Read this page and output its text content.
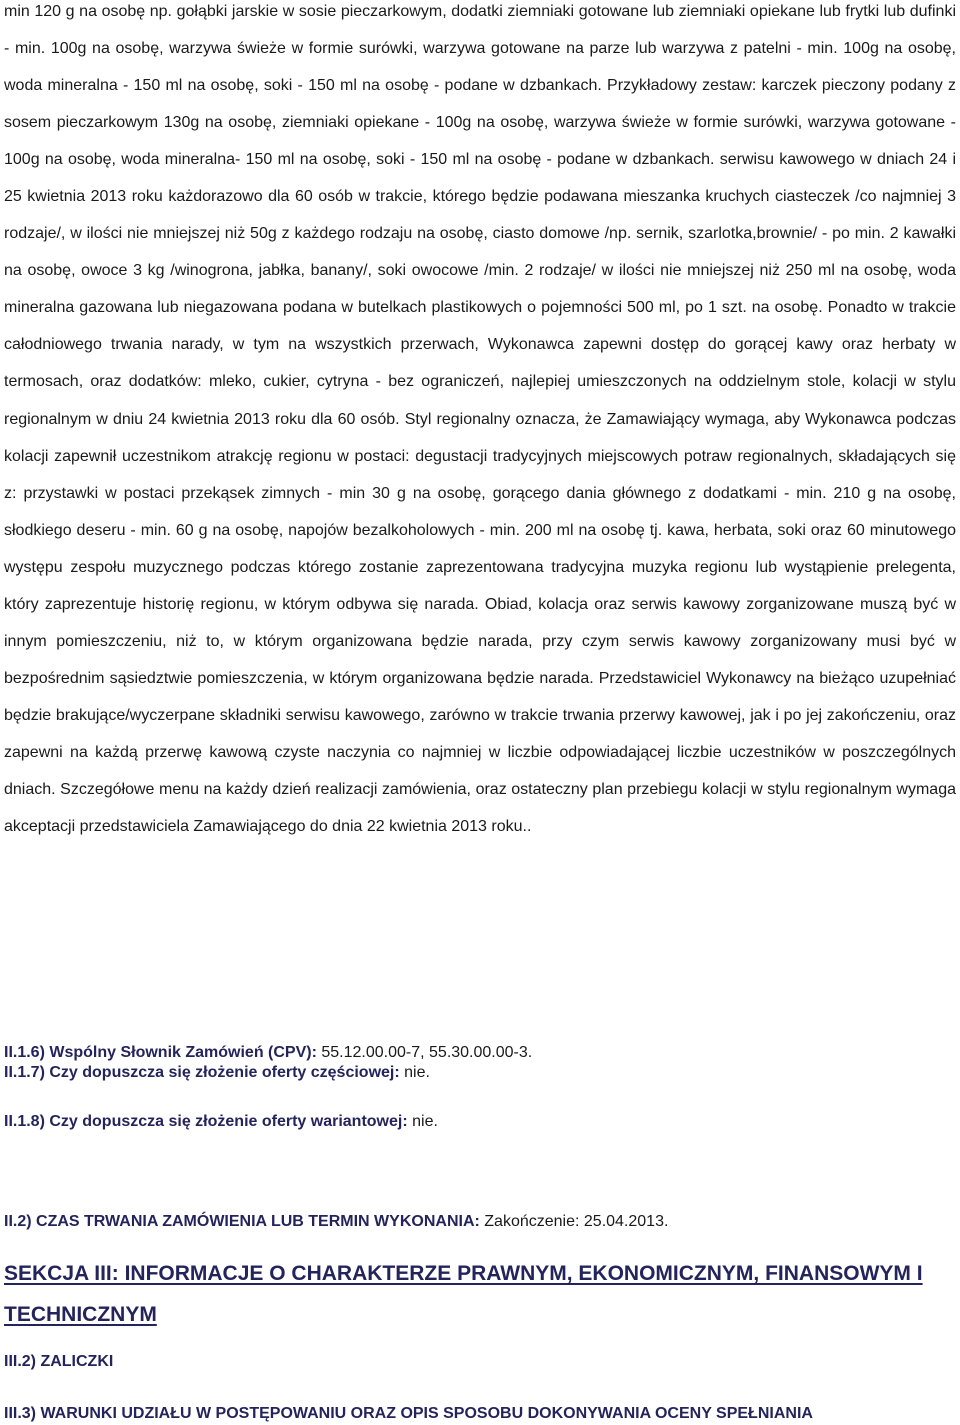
min 120 g na osobę np. gołąbki jarskie w sosie pieczarkowym, dodatki ziemniaki gotowane lub ziemniaki opiekane lub frytki lub dufinki - min. 100g na osobę, warzywa świeże w formie surówki, warzywa gotowane na parze lub warzywa z patelni - min. 100g na osobę, woda mineralna - 150 ml na osobę, soki - 150 ml na osobę - podane w dzbankach. Przykładowy zestaw: karczek pieczony podany z sosem pieczarkowym 130g na osobę, ziemniaki opiekane - 100g na osobę, warzywa świeże w formie surówki, warzywa gotowane - 100g na osobę, woda mineralna- 150 ml na osobę, soki - 150 ml na osobę - podane w dzbankach. serwisu kawowego w dniach 24 i 25 kwietnia 2013 roku każdorazowo dla 60 osób w trakcie, którego będzie podawana mieszanka kruchych ciasteczek /co najmniej 3 rodzaje/, w ilości nie mniejszej niż 50g z każdego rodzaju na osobę, ciasto domowe /np. sernik, szarlotka,brownie/ - po min. 2 kawałki na osobę, owoce 3 kg /winogrona, jabłka, banany/, soki owocowe /min. 2 rodzaje/ w ilości nie mniejszej niż 250 ml na osobę, woda mineralna gazowana lub niegazowana podana w butelkach plastikowych o pojemności 500 ml, po 1 szt. na osobę. Ponadto w trakcie całodniowego trwania narady, w tym na wszystkich przerwach, Wykonawca zapewni dostęp do gorącej kawy oraz herbaty w termosach, oraz dodatków: mleko, cukier, cytryna - bez ograniczeń, najlepiej umieszczonych na oddzielnym stole, kolacji w stylu regionalnym w dniu 24 kwietnia 2013 roku dla 60 osób. Styl regionalny oznacza, że Zamawiający wymaga, aby Wykonawca podczas kolacji zapewnił uczestnikom atrakcję regionu w postaci: degustacji tradycyjnych miejscowych potraw regionalnych, składających się z: przystawki w postaci przekąsek zimnych - min 30 g na osobę, gorącego dania głównego z dodatkami - min. 210 g na osobę, słodkiego deseru - min. 60 g na osobę, napojów bezalkoholowych - min. 200 ml na osobę tj. kawa, herbata, soki oraz 60 minutowego występu zespołu muzycznego podczas którego zostanie zaprezentowana tradycyjna muzyka regionu lub wystąpienie prelegenta, który zaprezentuje historię regionu, w którym odbywa się narada. Obiad, kolacja oraz serwis kawowy zorganizowane muszą być w innym pomieszczeniu, niż to, w którym organizowana będzie narada, przy czym serwis kawowy zorganizowany musi być w bezpośrednim sąsiedztwie pomieszczenia, w którym organizowana będzie narada. Przedstawiciel Wykonawcy na bieżąco uzupełniać będzie brakujące/wyczerpane składniki serwisu kawowego, zarówno w trakcie trwania przerwy kawowej, jak i po jej zakończeniu, oraz zapewni na każdą przerwę kawową czyste naczynia co najmniej w liczbie odpowiadającej liczbie uczestników w poszczególnych dniach. Szczegółowe menu na każdy dzień realizacji zamówienia, oraz ostateczny plan przebiegu kolacji w stylu regionalnym wymaga akceptacji przedstawiciela Zamawiającego do dnia 22 kwietnia 2013 roku..

II.1.6) Wspólny Słownik Zamówień (CPV): 55.12.00.00-7, 55.30.00.00-3.

II.1.7) Czy dopuszcza się złożenie oferty częściowej: nie.

II.1.8) Czy dopuszcza się złożenie oferty wariantowej: nie.

II.2) CZAS TRWANIA ZAMÓWIENIA LUB TERMIN WYKONANIA: Zakończenie: 25.04.2013.

SEKCJA III: INFORMACJE O CHARAKTERZE PRAWNYM, EKONOMICZNYM, FINANSOWYM I TECHNICZNYM

III.2) ZALICZKI

III.3) WARUNKI UDZIAŁU W POSTĘPOWANIU ORAZ OPIS SPOSOBU DOKONYWANIA OCENY SPEŁNIANIA
